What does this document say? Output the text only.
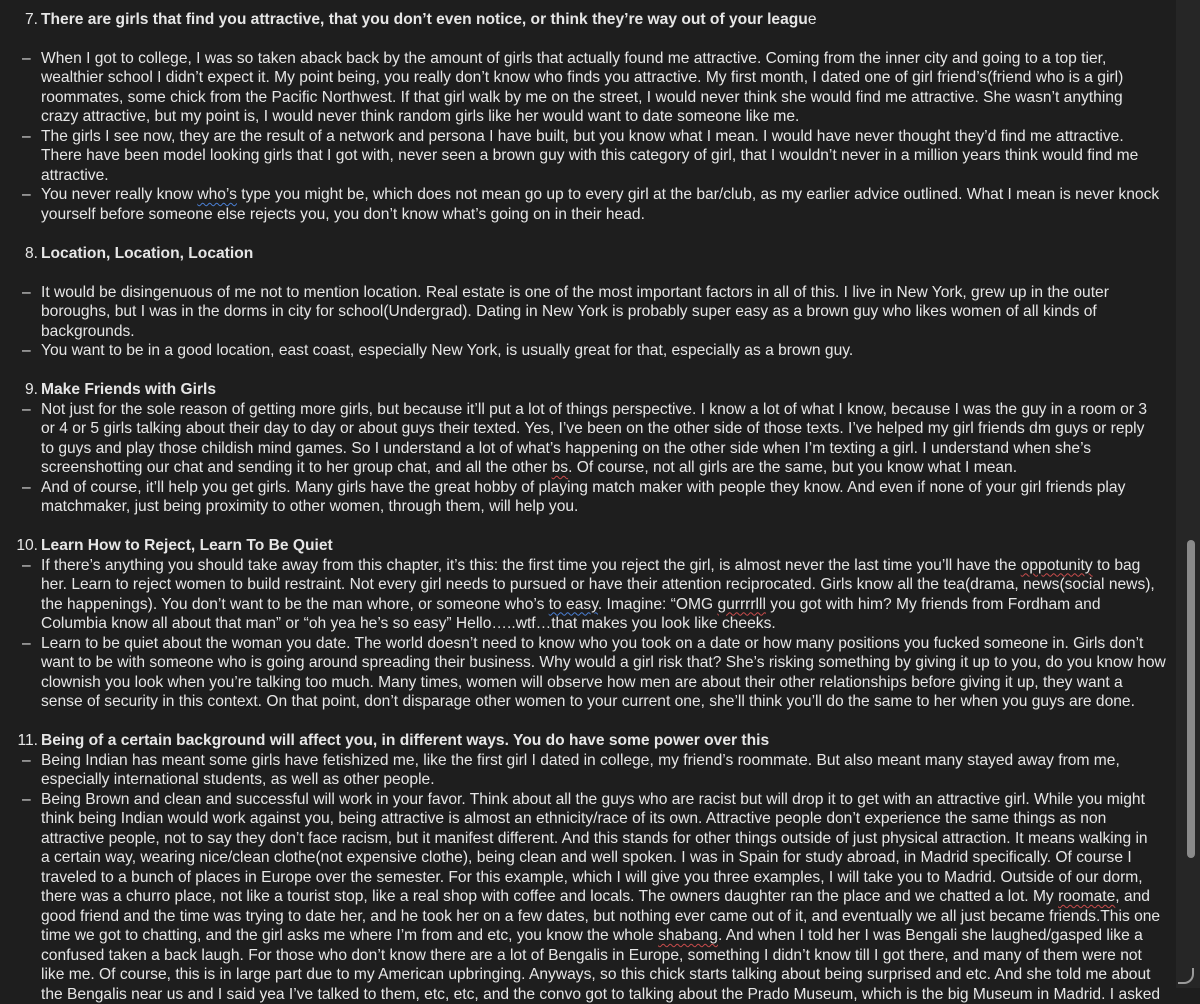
7. There are girls that find you attractive, that you don’t even notice, or think they’re way out of your league
– When I got to college, I was so taken aback back by the amount of girls that actually found me attractive. Coming from the inner city and going to a top tier,
wealthier school I didn’t expect it. My point being, you really don’t know who finds you attractive. My first month, I dated one of girl friend’s(friend who is a girl)
roommates, some chick from the Pacific Northwest. If that girl walk by me on the street, I would never think she would find me attractive. She wasn’t anything
crazy attractive, but my point is, I would never think random girls like her would want to date someone like me.
– The girls I see now, they are the result of a network and persona I have built, but you know what I mean. I would have never thought they’d find me attractive.
There have been model looking girls that I got with, never seen a brown guy with this category of girl, that I wouldn’t never in a million years think would find me
attractive.
– You never really know who’s type you might be, which does not mean go up to every girl at the bar/club, as my earlier advice outlined. What I mean is never knock
yourself before someone else rejects you, you don’t know what’s going on in their head.
8. Location, Location, Location
– It would be disingenuous of me not to mention location. Real estate is one of the most important factors in all of this. I live in New York, grew up in the outer
boroughs, but I was in the dorms in city for school(Undergrad). Dating in New York is probably super easy as a brown guy who likes women of all kinds of
backgrounds.
– You want to be in a good location, east coast, especially New York, is usually great for that, especially as a brown guy.
9. Make Friends with Girls
– Not just for the sole reason of getting more girls, but because it’ll put a lot of things perspective. I know a lot of what I know, because I was the guy in a room or 3
or 4 or 5 girls talking about their day to day or about guys their texted. Yes, I’ve been on the other side of those texts. I’ve helped my girl friends dm guys or reply
to guys and play those childish mind games. So I understand a lot of what’s happening on the other side when I’m texting a girl. I understand when she’s
screenshotting our chat and sending it to her group chat, and all the other bs. Of course, not all girls are the same, but you know what I mean.
– And of course, it’ll help you get girls. Many girls have the great hobby of playing match maker with people they know. And even if none of your girl friends play
matchmaker, just being proximity to other women, through them, will help you.
10. Learn How to Reject, Learn To Be Quiet
– If there’s anything you should take away from this chapter, it’s this: the first time you reject the girl, is almost never the last time you’ll have the oppotunity to bag
her. Learn to reject women to build restraint. Not every girl needs to pursued or have their attention reciprocated. Girls know all the tea(drama, news(social news),
the happenings). You don’t want to be the man whore, or someone who’s to easy. Imagine: “OMG gurrrrlll you got with him? My friends from Fordham and
Columbia know all about that man” or “oh yea he’s so easy” Hello…..wtf…that makes you look like cheeks.
– Learn to be quiet about the woman you date. The world doesn’t need to know who you took on a date or how many positions you fucked someone in. Girls don’t
want to be with someone who is going around spreading their business. Why would a girl risk that? She’s risking something by giving it up to you, do you know how
clownish you look when you’re talking too much. Many times, women will observe how men are about their other relationships before giving it up, they want a
sense of security in this context. On that point, don’t disparage other women to your current one, she’ll think you’ll do the same to her when you guys are done.
11. Being of a certain background will affect you, in different ways. You do have some power over this
– Being Indian has meant some girls have fetishized me, like the first girl I dated in college, my friend’s roommate. But also meant many stayed away from me,
especially international students, as well as other people.
– Being Brown and clean and successful will work in your favor. Think about all the guys who are racist but will drop it to get with an attractive girl. While you might
think being Indian would work against you, being attractive is almost an ethnicity/race of its own. Attractive people don’t experience the same things as non
attractive people, not to say they don’t face racism, but it manifest different. And this stands for other things outside of just physical attraction. It means walking in
a certain way, wearing nice/clean clothe(not expensive clothe), being clean and well spoken. I was in Spain for study abroad, in Madrid specifically. Of course I
traveled to a bunch of places in Europe over the semester. For this example, which I will give you three examples, I will take you to Madrid. Outside of our dorm,
there was a churro place, not like a tourist stop, like a real shop with coffee and locals. The owners daughter ran the place and we chatted a lot. My roomate, and
good friend and the time was trying to date her, and he took her on a few dates, but nothing ever came out of it, and eventually we all just became friends.This one
time we got to chatting, and the girl asks me where I’m from and etc, you know the whole shabang. And when I told her I was Bengali she laughed/gasped like a
confused taken a back laugh. For those who don’t know there are a lot of Bengalis in Europe, something I didn’t know till I got there, and many of them were not
like me. Of course, this is in large part due to my American upbringing. Anyways, so this chick starts talking about being surprised and etc. And she told me about
the Bengalis near us and I said yea I’ve talked to them, etc, etc, and the convo got to talking about the Prado Museum, which is the big Museum in Madrid. I asked
